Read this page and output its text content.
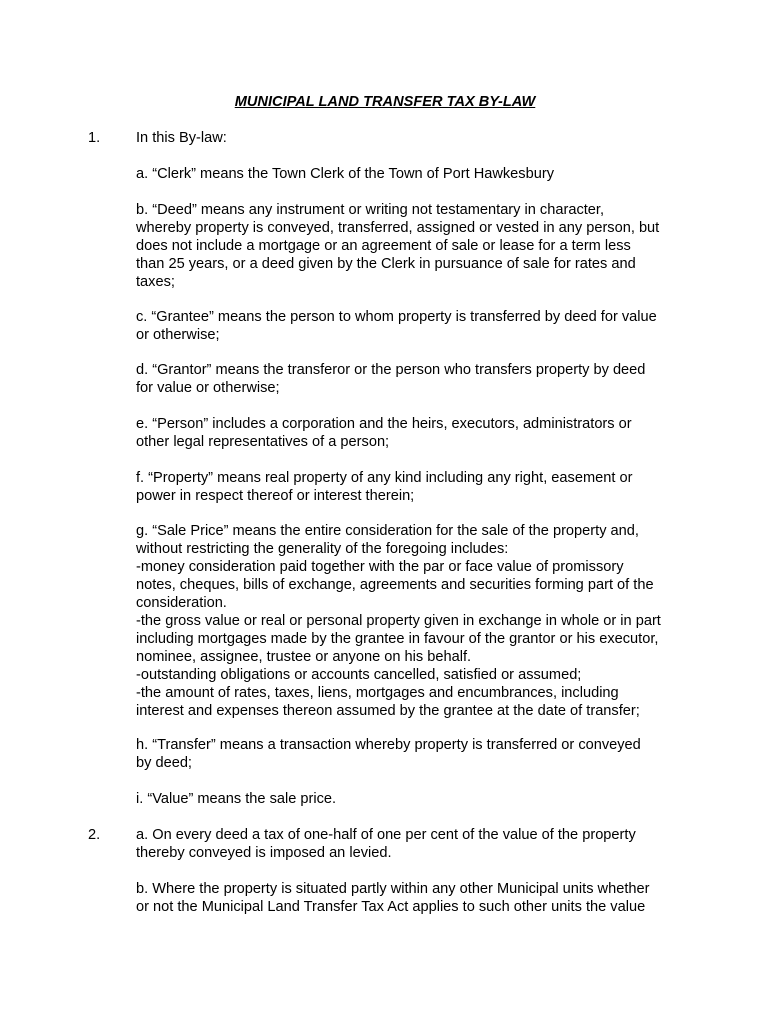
MUNICIPAL LAND TRANSFER TAX BY-LAW
1. In this By-law:
a. “Clerk” means the Town Clerk of the Town of Port Hawkesbury
b. “Deed” means any instrument or writing not testamentary in character,
whereby property is conveyed, transferred, assigned or vested in any person, but
does not include a mortgage or an agreement of sale or lease for a term less
than 25 years, or a deed given by the Clerk in pursuance of sale for rates and
taxes;
c. “Grantee” means the person to whom property is transferred by deed for value
or otherwise;
d. “Grantor” means the transferor or the person who transfers property by deed
for value or otherwise;
e. “Person” includes a corporation and the heirs, executors, administrators or
other legal representatives of a person;
f. “Property” means real property of any kind including any right, easement or
power in respect thereof or interest therein;
g. “Sale Price” means the entire consideration for the sale of the property and,
without restricting the generality of the foregoing includes:
-money consideration paid together with the par or face value of promissory
notes, cheques, bills of exchange, agreements and securities forming part of the
consideration.
-the gross value or real or personal property given in exchange in whole or in part
including mortgages made by the grantee in favour of the grantor or his executor,
nominee, assignee, trustee or anyone on his behalf.
-outstanding obligations or accounts cancelled, satisfied or assumed;
-the amount of rates, taxes, liens, mortgages and encumbrances, including
interest and expenses thereon assumed by the grantee at the date of transfer;
h. “Transfer” means a transaction whereby property is transferred or conveyed
by deed;
i. “Value” means the sale price.
2. a. On every deed a tax of one-half of one per cent of the value of the property
thereby conveyed is imposed an levied.
b. Where the property is situated partly within any other Municipal units whether
or not the Municipal Land Transfer Tax Act applies to such other units the value
